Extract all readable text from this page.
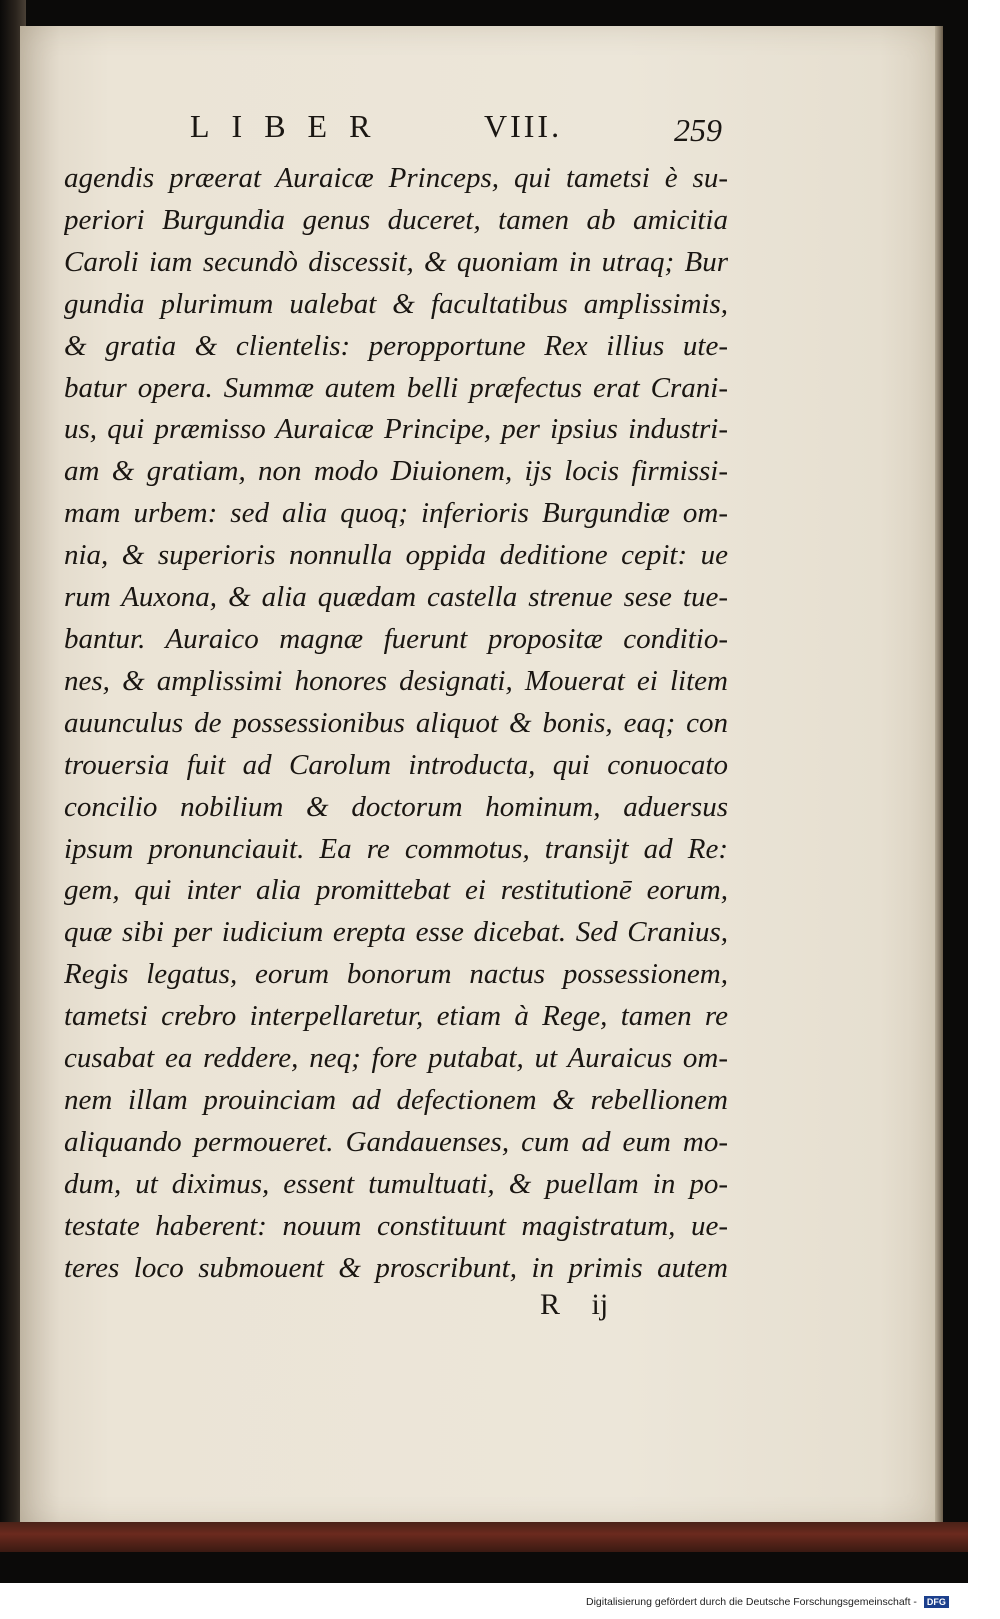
LIBER	VIII.	259
agendis præerat Auraicæ Princeps, qui tametsi è su-
periori Burgundia genus duceret, tamen ab amicitia
Caroli iam secundò discessit, & quoniam in utraq; Bur
gundia plurimum ualebat & facultatibus amplissimis,
& gratia & clientelis: peropportune Rex illius ute-
batur opera. Summæ autem belli præfectus erat Crani-
us, qui præmisso Auraicæ Principe, per ipsius industri-
am & gratiam, non modo Diuionem, ijs locis firmissi-
mam urbem: sed alia quoq; inferioris Burgundiæ om-
nia, & superioris nonnulla oppida deditione cepit: ue
rum Auxona, & alia quædam castella strenue sese tue-
bantur. Auraico magnæ fuerunt propositæ conditio-
nes, & amplissimi honores designati, Mouerat ei litem
auunculus de possessionibus aliquot & bonis, eaq; con
trouersia fuit ad Carolum introducta, qui conuocato
concilio nobilium & doctorum hominum, aduersus
ipsum pronunciauit. Ea re commotus, transijt ad Re:
gem, qui inter alia promittebat ei restitutionē eorum,
quæ sibi per iudicium erepta esse dicebat. Sed Cranius,
Regis legatus, eorum bonorum nactus possessionem,
tametsi crebro interpellaretur, etiam à Rege, tamen re
cusabat ea reddere, neq; fore putabat, ut Auraicus om-
nem illam prouinciam ad defectionem & rebellionem
aliquando permoueret. Gandauenses, cum ad eum mo-
dum, ut diximus, essent tumultuati, & puellam in po-
testate haberent: nouum constituunt magistratum, ue-
teres loco submouent & proscribunt, in primis autem
R ij
Digitalisierung gefördert durch die Deutsche Forschungsgemeinschaft - DFG
